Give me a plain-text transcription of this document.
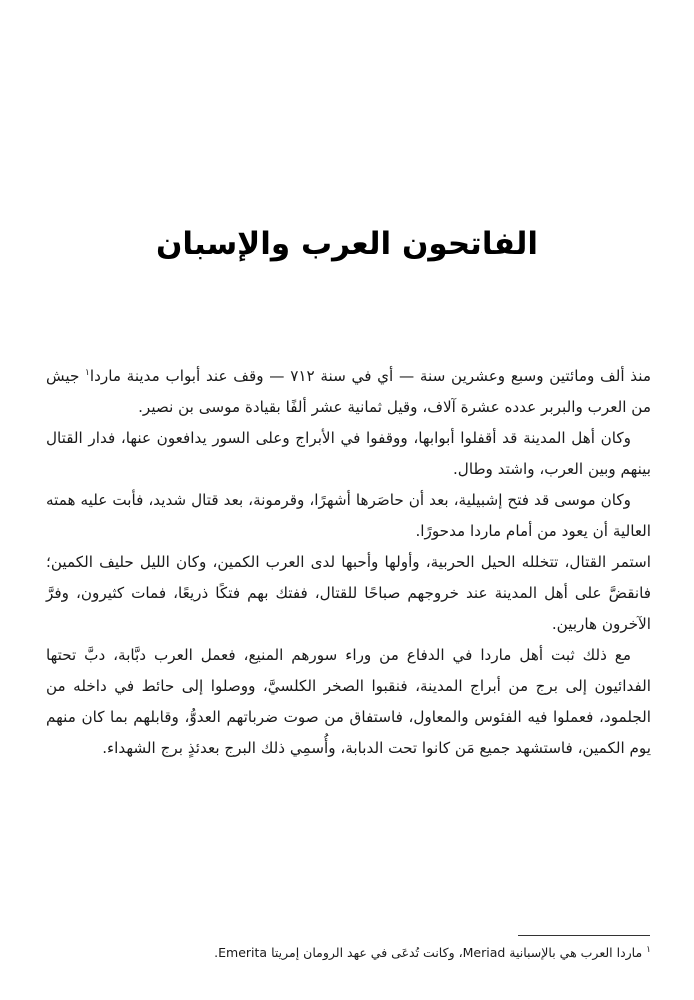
الفاتحون العرب والإسبان

منذ ألف ومائتين وسبع وعشرين سنة — أي في سنة ٧١٢ — وقف عند أبواب مدينة ماردا$^١$ جيش من العرب والبربر عدده عشرة آلاف، وقيل ثمانية عشر ألفًا بقيادة موسى بن نصير.

وكان أهل المدينة قد أقفلوا أبوابها، ووقفوا في الأبراج وعلى السور يدافعون عنها، فدار القتال بينهم وبين العرب، واشتد وطال.

وكان موسى قد فتح إشبيلية، بعد أن حاصَرها أشهرًا، وقرمونة، بعد قتال شديد، فأبت عليه همته العالية أن يعود من أمام ماردا مدحورًا.

استمر القتال، تتخلله الحيل الحربية، وأولها وأحبها لدى العرب الكمين، وكان الليل حليف الكمين؛ فانقضَّ على أهل المدينة عند خروجهم صباحًا للقتال، ففتك بهم فتكًا ذريعًا، فمات كثيرون، وفرَّ الآخرون هاربين.

مع ذلك ثبت أهل ماردا في الدفاع من وراء سورهم المنيع، فعمل العرب دبَّابة، دبَّ تحتها الفدائيون إلى برج من أبراج المدينة، فنقبوا الصخر الكلسيَّ، ووصلوا إلى حائط في داخله من الجلمود، فعملوا فيه الفئوس والمعاول، فاستفاق من صوت ضرباتهم العدوُّ، وقابلهم بما كان منهم يوم الكمين، فاستشهد جميع مَن كانوا تحت الدبابة، وأُسمِي ذلك البرج بعدئذٍ برج الشهداء.

$^١$ ماردا العرب هي بالإسبانية Meriad، وكانت تُدعَى في عهد الرومان إمريتا Emerita.
